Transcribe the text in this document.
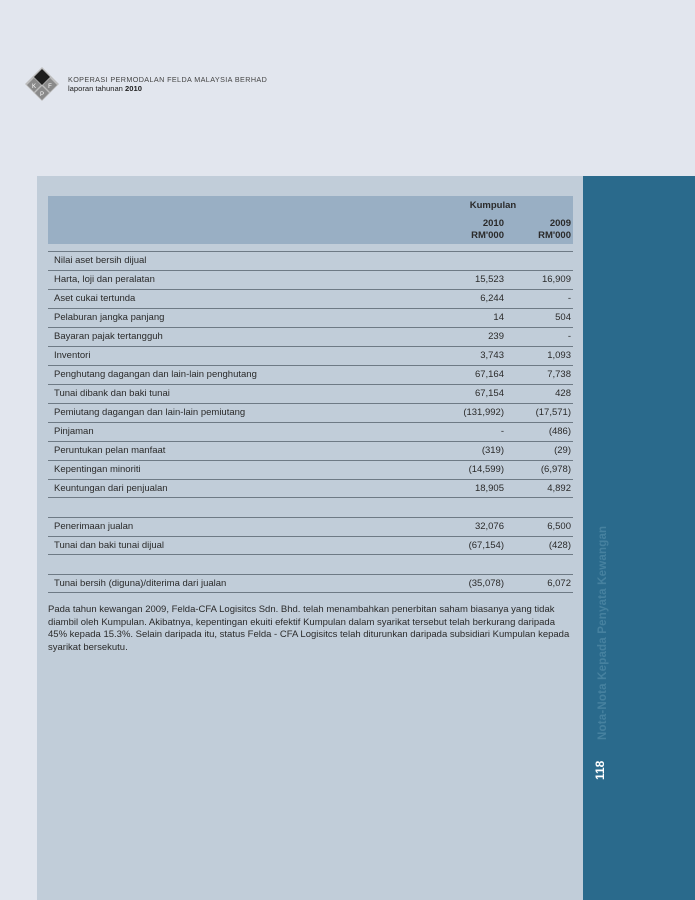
K F
P
KOPERASI PERMODALAN FELDA MALAYSIA BERHAD
laporan tahunan 2010
Nota-Nota Kepada Penyata Kewangan
118
Kumpulan
2010
RM'000
2009
RM'000
Nilai aset bersih dijual
Harta, loji dan peralatan	15,523	16,909
Aset cukai tertunda	6,244	-
Pelaburan jangka panjang	14	504
Bayaran pajak tertangguh	239	-
Inventori	3,743	1,093
Penghutang dagangan dan lain-lain penghutang	67,164	7,738
Tunai dibank dan baki tunai	67,154	428
Pemiutang dagangan dan lain-lain pemiutang	(131,992)	(17,571)
Pinjaman	-	(486)
Peruntukan pelan manfaat	(319)	(29)
Kepentingan minoriti	(14,599)	(6,978)
Keuntungan dari penjualan	18,905	4,892
Penerimaan jualan	32,076	6,500
Tunai dan baki tunai dijual	(67,154)	(428)
Tunai bersih (diguna)/diterima dari jualan	(35,078)	6,072
Pada tahun kewangan 2009, Felda-CFA Logisitcs Sdn. Bhd. telah menambahkan penerbitan saham biasanya yang tidak diambil oleh Kumpulan. Akibatnya, kepentingan ekuiti efektif Kumpulan dalam syarikat tersebut telah berkurang daripada 45% kepada 15.3%. Selain daripada itu, status Felda - CFA Logisitcs telah diturunkan daripada subsidiari Kumpulan kepada syarikat bersekutu.
